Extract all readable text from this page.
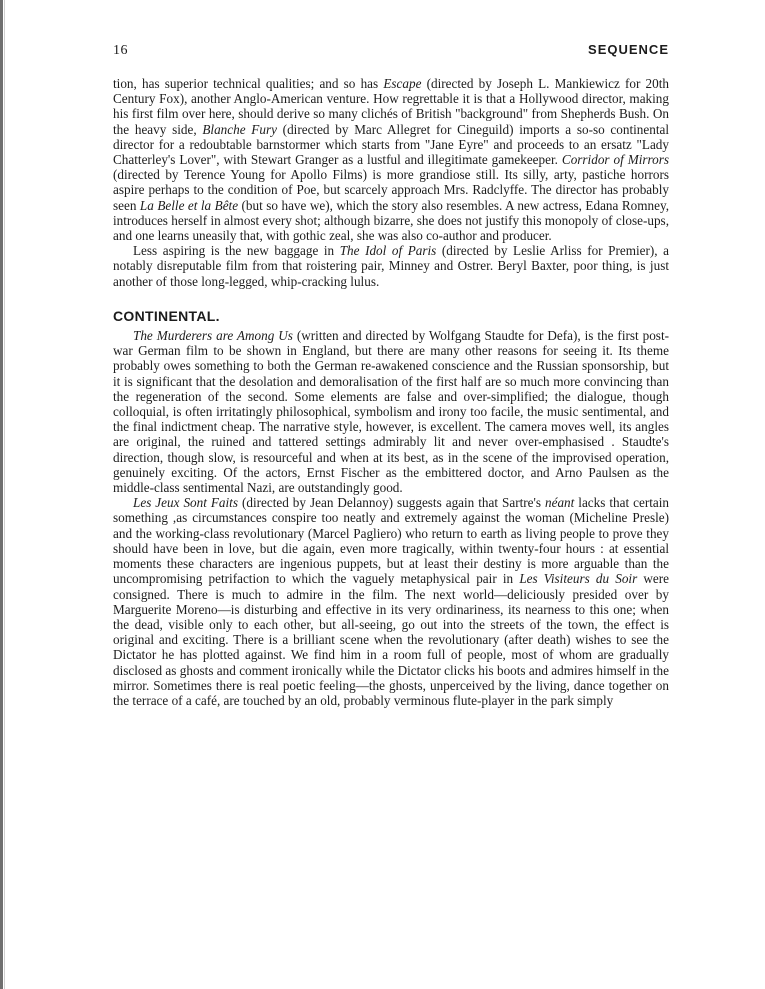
16	SEQUENCE

tion, has superior technical qualities; and so has Escape (directed by Joseph L. Mankiewicz for 20th Century Fox), another Anglo-American venture. How regrettable it is that a Hollywood director, making his first film over here, should derive so many clichés of British "background" from Shepherds Bush. On the heavy side, Blanche Fury (directed by Marc Allegret for Cineguild) imports a so-so continental director for a redoubtable barnstormer which starts from "Jane Eyre" and proceeds to an ersatz "Lady Chatterley's Lover", with Stewart Granger as a lustful and illegitimate gamekeeper. Corridor of Mirrors (directed by Terence Young for Apollo Films) is more grandiose still. Its silly, arty, pastiche horrors aspire perhaps to the condition of Poe, but scarcely approach Mrs. Radclyffe. The director has probably seen La Belle et la Bête (but so have we), which the story also resembles. A new actress, Edana Romney, introduces herself in almost every shot; although bizarre, she does not justify this monopoly of close-ups, and one learns uneasily that, with gothic zeal, she was also co-author and producer.

Less aspiring is the new baggage in The Idol of Paris (directed by Leslie Arliss for Premier), a notably disreputable film from that roistering pair, Minney and Ostrer. Beryl Baxter, poor thing, is just another of those long-legged, whip-cracking lulus.

CONTINENTAL.

The Murderers are Among Us (written and directed by Wolfgang Staudte for Defa), is the first post-war German film to be shown in England, but there are many other reasons for seeing it. Its theme probably owes something to both the German re-awakened conscience and the Russian sponsorship, but it is significant that the desolation and demoralisation of the first half are so much more convincing than the regeneration of the second. Some elements are false and over-simplified; the dialogue, though colloquial, is often irritatingly philosophical, symbolism and irony too facile, the music sentimental, and the final indictment cheap. The narrative style, however, is excellent. The camera moves well, its angles are original, the ruined and tattered settings admirably lit and never over-emphasised . Staudte's direction, though slow, is resourceful and when at its best, as in the scene of the improvised operation, genuinely exciting. Of the actors, Ernst Fischer as the embittered doctor, and Arno Paulsen as the middle-class sentimental Nazi, are outstandingly good.

Les Jeux Sont Faits (directed by Jean Delannoy) suggests again that Sartre's néant lacks that certain something ,as circumstances conspire too neatly and extremely against the woman (Micheline Presle) and the working-class revolutionary (Marcel Pagliero) who return to earth as living people to prove they should have been in love, but die again, even more tragically, within twenty-four hours : at essential moments these characters are ingenious puppets, but at least their destiny is more arguable than the uncompromising petrifaction to which the vaguely metaphysical pair in Les Visiteurs du Soir were consigned. There is much to admire in the film. The next world—deliciously presided over by Marguerite Moreno—is disturbing and effective in its very ordinariness, its nearness to this one; when the dead, visible only to each other, but all-seeing, go out into the streets of the town, the effect is original and exciting. There is a brilliant scene when the revolutionary (after death) wishes to see the Dictator he has plotted against. We find him in a room full of people, most of whom are gradually disclosed as ghosts and comment ironically while the Dictator clicks his boots and admires himself in the mirror. Sometimes there is real poetic feeling—the ghosts, unperceived by the living, dance together on the terrace of a café, are touched by an old, probably verminous flute-player in the park simply
